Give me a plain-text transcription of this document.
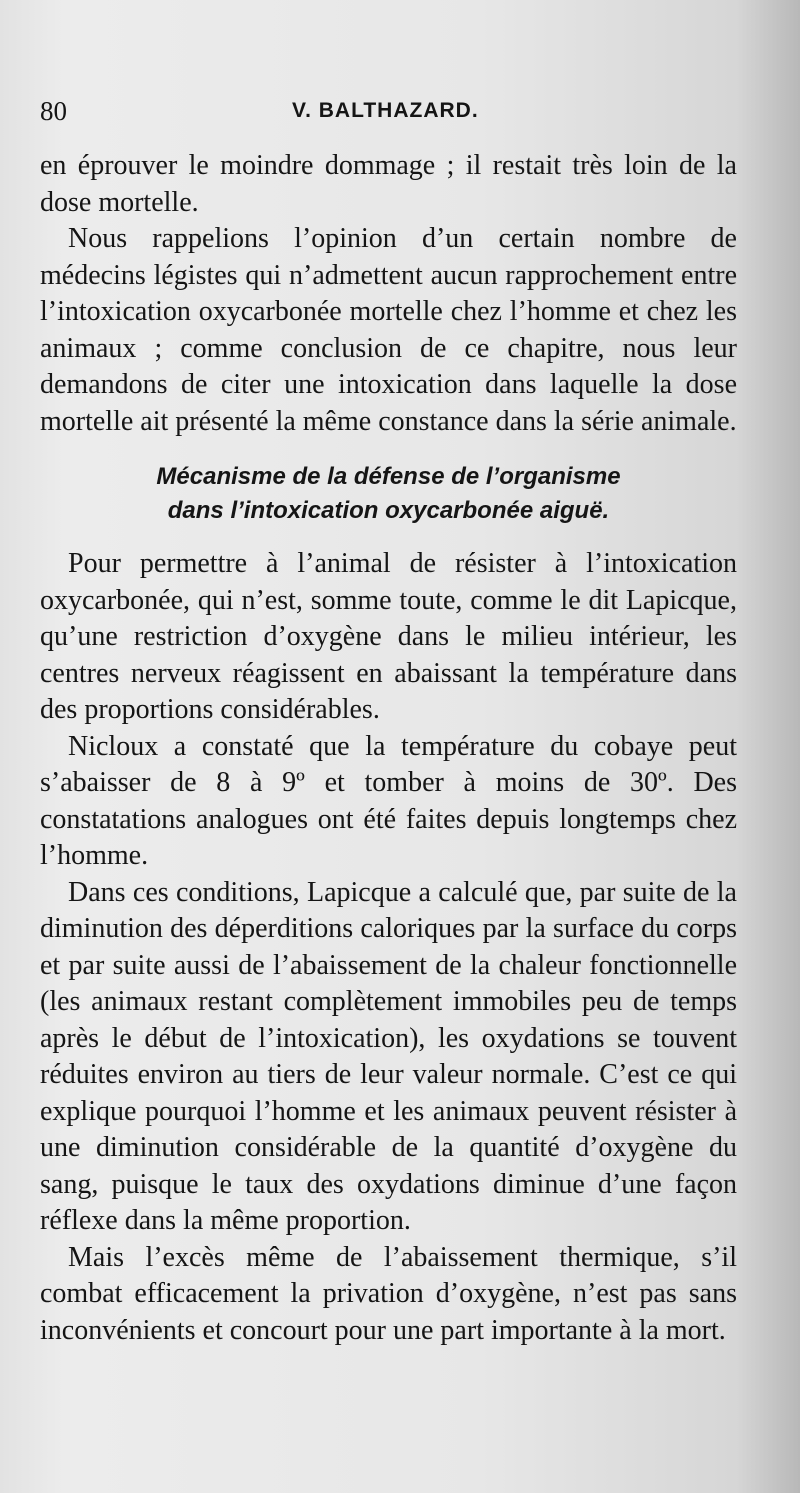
80	V. BALTHAZARD.

en éprouver le moindre dommage ; il restait très loin de la dose mortelle.

Nous rappelions l’opinion d’un certain nombre de médecins légistes qui n’admettent aucun rapprochement entre l’intoxication oxycarbonée mortelle chez l’homme et chez les animaux ; comme conclusion de ce chapitre, nous leur demandons de citer une intoxication dans laquelle la dose mortelle ait présenté la même constance dans la série animale.

Mécanisme de la défense de l’organisme
dans l’intoxication oxycarbonée aiguë.

Pour permettre à l’animal de résister à l’intoxication oxycarbonée, qui n’est, somme toute, comme le dit Lapicque, qu’une restriction d’oxygène dans le milieu intérieur, les centres nerveux réagissent en abaissant la température dans des proportions considérables.

Nicloux a constaté que la température du cobaye peut s’abaisser de 8 à 9º et tomber à moins de 30º. Des constatations analogues ont été faites depuis longtemps chez l’homme.

Dans ces conditions, Lapicque a calculé que, par suite de la diminution des déperditions caloriques par la surface du corps et par suite aussi de l’abaissement de la chaleur fonctionnelle (les animaux restant complètement immobiles peu de temps après le début de l’intoxication), les oxydations se touvent réduites environ au tiers de leur valeur normale. C’est ce qui explique pourquoi l’homme et les animaux peuvent résister à une diminution considérable de la quantité d’oxygène du sang, puisque le taux des oxydations diminue d’une façon réflexe dans la même proportion.

Mais l’excès même de l’abaissement thermique, s’il combat efficacement la privation d’oxygène, n’est pas sans inconvénients et concourt pour une part importante à la mort.
